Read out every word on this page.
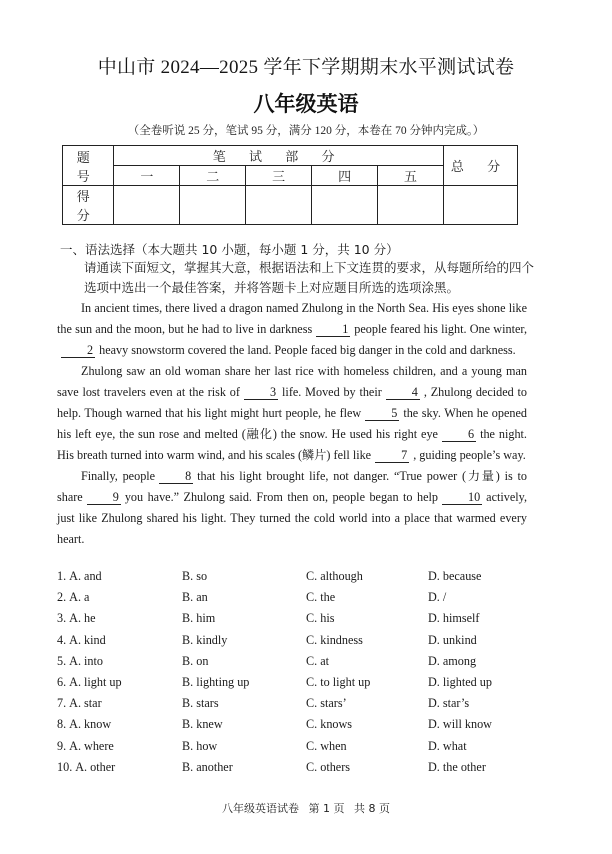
中山市 2024—2025 学年下学期期末水平测试试卷
八年级英语
（全卷听说 25 分，笔试 95 分，满分 120 分，本卷在 70 分钟内完成。）
题 号	笔 试 部 分					总 分
	一	二	三	四	五	
得 分						
一、语法选择（本大题共 10 小题，每小题 1 分，共 10 分）
请通读下面短文，掌握其大意，根据语法和上下文连贯的要求，从每题所给的四个
选项中选出一个最佳答案，并将答题卡上对应题目所选的选项涂黑。

In ancient times, there lived a dragon named Zhulong in the North Sea. His eyes shone like the sun and the moon, but he had to live in darkness 1 people feared his light. One winter,2 heavy snowstorm covered the land. People faced big danger in the cold and darkness.

Zhulong saw an old woman share her last rice with homeless children, and a young man save lost travelers even at the risk of 3 life. Moved by their 4 , Zhulong decided to help. Though warned that his light might hurt people, he flew 5 the sky. When he opened his left eye, the sun rose and melted (融化) the snow. He used his right eye 6 the night. His breath turned into warm wind, and his scales (鳞片) fell like 7 , guiding people’s way.

Finally, people 8 that his light brought life, not danger. “True power (力量) is to share 9 you have.” Zhulong said. From then on, people began to help 10 actively, just like Zhulong shared his light. They turned the cold world into a place that warmed every heart.

1. A. and	B. so	C. although	D. because
2. A. a	B. an	C. the	D. /
3. A. he	B. him	C. his	D. himself
4. A. kind	B. kindly	C. kindness	D. unkind
5. A. into	B. on	C. at	D. among
6. A. light up	B. lighting up	C. to light up	D. lighted up
7. A. star	B. stars	C. stars’	D. star’s
8. A. know	B. knew	C. knows	D. will know
9. A. where	B. how	C. when	D. what
10. A. other	B. another	C. others	D. the other
八年级英语试卷 第 1 页 共 8 页
